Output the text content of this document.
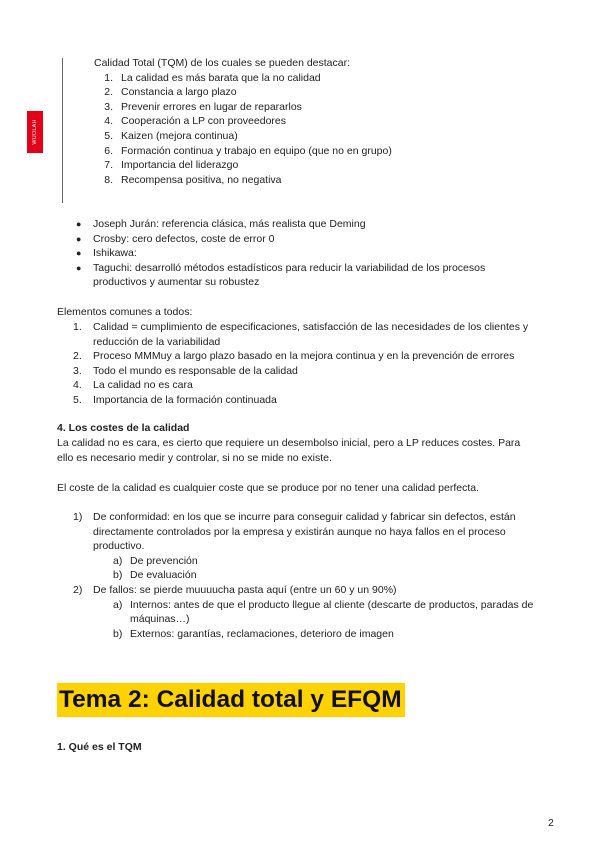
WUOLAH
Calidad Total (TQM) de los cuales se pueden destacar:
1. La calidad es más barata que la no calidad
2. Constancia a largo plazo
3. Prevenir errores en lugar de repararlos
4. Cooperación a LP con proveedores
5. Kaizen (mejora continua)
6. Formación continua y trabajo en equipo (que no en grupo)
7. Importancia del liderazgo
8. Recompensa positiva, no negativa
● Joseph Jurán: referencia clásica, más realista que Deming
● Crosby: cero defectos, coste de error 0
● Ishikawa:
● Taguchi: desarrolló métodos estadísticos para reducir la variabilidad de los procesos
productivos y aumentar su robustez
Elementos comunes a todos:
1. Calidad = cumplimiento de especificaciones, satisfacción de las necesidades de los clientes y
reducción de la variabilidad
2. Proceso MMMuy a largo plazo basado en la mejora continua y en la prevención de errores
3. Todo el mundo es responsable de la calidad
4. La calidad no es cara
5. Importancia de la formación continuada
4. Los costes de la calidad
La calidad no es cara, es cierto que requiere un desembolso inicial, pero a LP reduces costes. Para
ello es necesario medir y controlar, si no se mide no existe.
El coste de la calidad es cualquier coste que se produce por no tener una calidad perfecta.
1) De conformidad: en los que se incurre para conseguir calidad y fabricar sin defectos, están
directamente controlados por la empresa y existirán aunque no haya fallos en el proceso
productivo.
a) De prevención
b) De evaluación
2) De fallos: se pierde muuuucha pasta aquí (entre un 60 y un 90%)
a) Internos: antes de que el producto llegue al cliente (descarte de productos, paradas de
máquinas…)
b) Externos: garantías, reclamaciones, deterioro de imagen
Tema 2: Calidad total y EFQM
1. Qué es el TQM
2
